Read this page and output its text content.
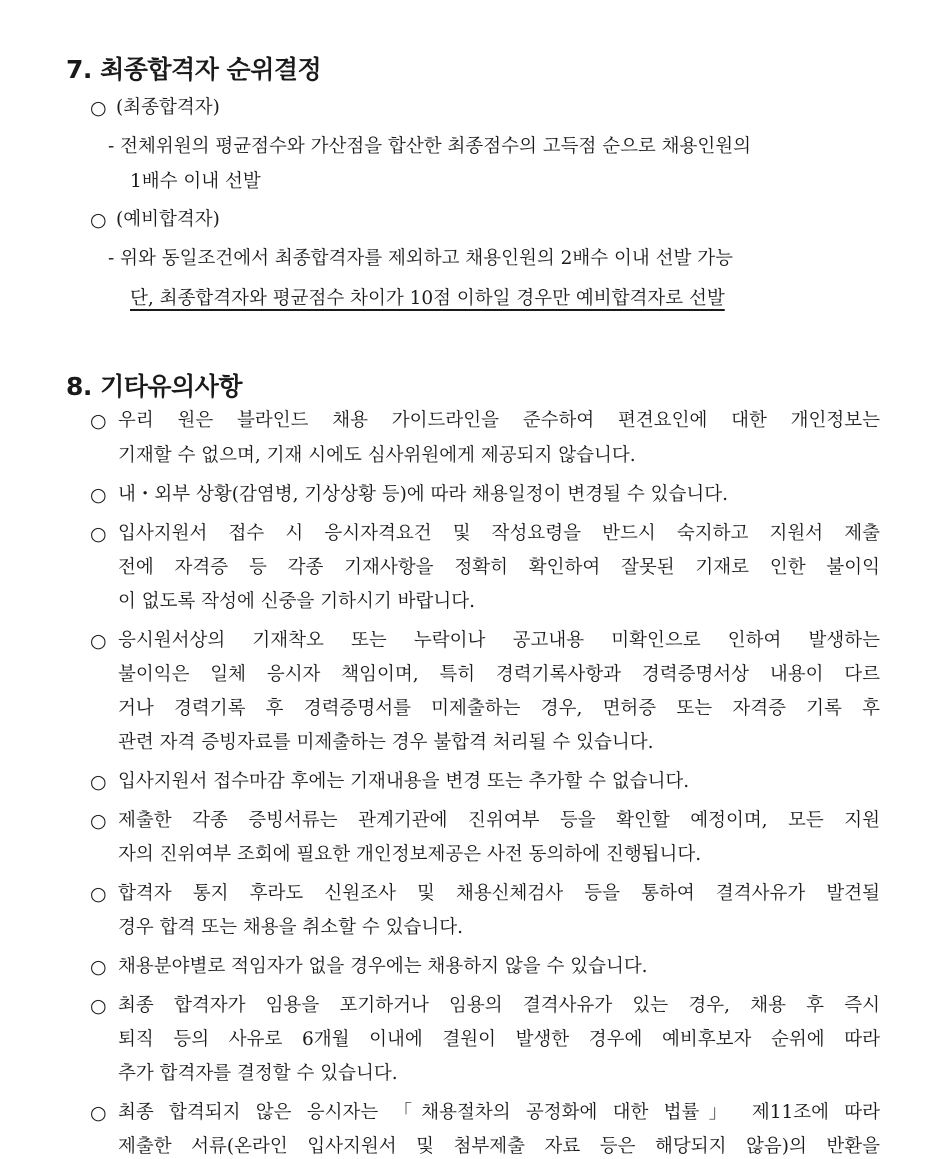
7. 최종합격자 순위결정
○ (최종합격자)
- 전체위원의 평균점수와 가산점을 합산한 최종점수의 고득점 순으로 채용인원의
1배수 이내 선발
○ (예비합격자)
- 위와 동일조건에서 최종합격자를 제외하고 채용인원의 2배수 이내 선발 가능
단, 최종합격자와 평균점수 차이가 10점 이하일 경우만 예비합격자로 선발
8. 기타유의사항
○ 우리 원은 블라인드 채용 가이드라인을 준수하여 편견요인에 대한 개인정보는
기재할 수 없으며, 기재 시에도 심사위원에게 제공되지 않습니다.
○ 내・외부 상황(감염병, 기상상황 등)에 따라 채용일정이 변경될 수 있습니다.
○ 입사지원서 접수 시 응시자격요건 및 작성요령을 반드시 숙지하고 지원서 제출
전에 자격증 등 각종 기재사항을 정확히 확인하여 잘못된 기재로 인한 불이익
이 없도록 작성에 신중을 기하시기 바랍니다.
○ 응시원서상의 기재착오 또는 누락이나 공고내용 미확인으로 인하여 발생하는
불이익은 일체 응시자 책임이며, 특히 경력기록사항과 경력증명서상 내용이 다르
거나 경력기록 후 경력증명서를 미제출하는 경우, 면허증 또는 자격증 기록 후
관련 자격 증빙자료를 미제출하는 경우 불합격 처리될 수 있습니다.
○ 입사지원서 접수마감 후에는 기재내용을 변경 또는 추가할 수 없습니다.
○ 제출한 각종 증빙서류는 관계기관에 진위여부 등을 확인할 예정이며, 모든 지원
자의 진위여부 조회에 필요한 개인정보제공은 사전 동의하에 진행됩니다.
○ 합격자 통지 후라도 신원조사 및 채용신체검사 등을 통하여 결격사유가 발견될
경우 합격 또는 채용을 취소할 수 있습니다.
○ 채용분야별로 적임자가 없을 경우에는 채용하지 않을 수 있습니다.
○ 최종 합격자가 임용을 포기하거나 임용의 결격사유가 있는 경우, 채용 후 즉시
퇴직 등의 사유로 6개월 이내에 결원이 발생한 경우에 예비후보자 순위에 따라
추가 합격자를 결정할 수 있습니다.
○ 최종 합격되지 않은 응시자는 「채용절차의 공정화에 대한 법률」 제11조에 따라
제출한 서류(온라인 입사지원서 및 첨부제출 자료 등은 해당되지 않음)의 반환을
